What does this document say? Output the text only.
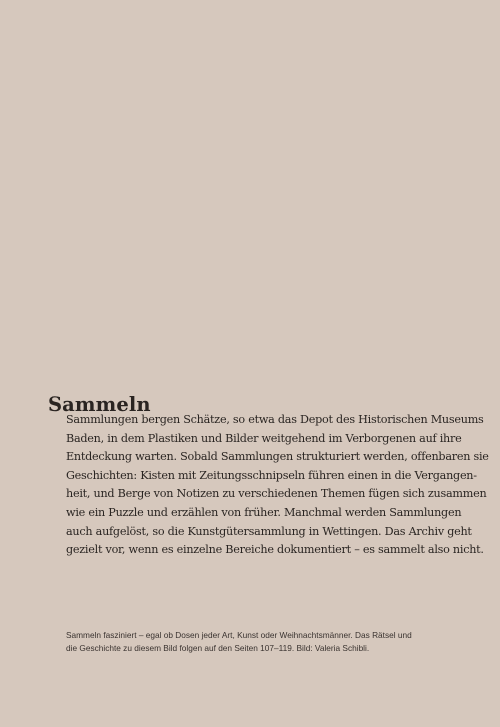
Sammeln
Sammlungen bergen Schätze, so etwa das Depot des Historischen Museums
Baden, in dem Plastiken und Bilder weitgehend im Verborgenen auf ihre
Entdeckung warten. Sobald Sammlungen strukturiert werden, offenbaren sie
Geschichten: Kisten mit Zeitungsschnipseln führen einen in die Vergangen-
heit, und Berge von Notizen zu verschiedenen Themen fügen sich zusammen
wie ein Puzzle und erzählen von früher. Manchmal werden Sammlungen
auch aufgelöst, so die Kunstgütersammlung in Wettingen. Das Archiv geht
gezielt vor, wenn es einzelne Bereiche dokumentiert – es sammelt also nicht.
Sammeln fasziniert – egal ob Dosen jeder Art, Kunst oder Weihnachtsmänner. Das Rätsel und
die Geschichte zu diesem Bild folgen auf den Seiten 107–119. Bild: Valeria Schibli.
